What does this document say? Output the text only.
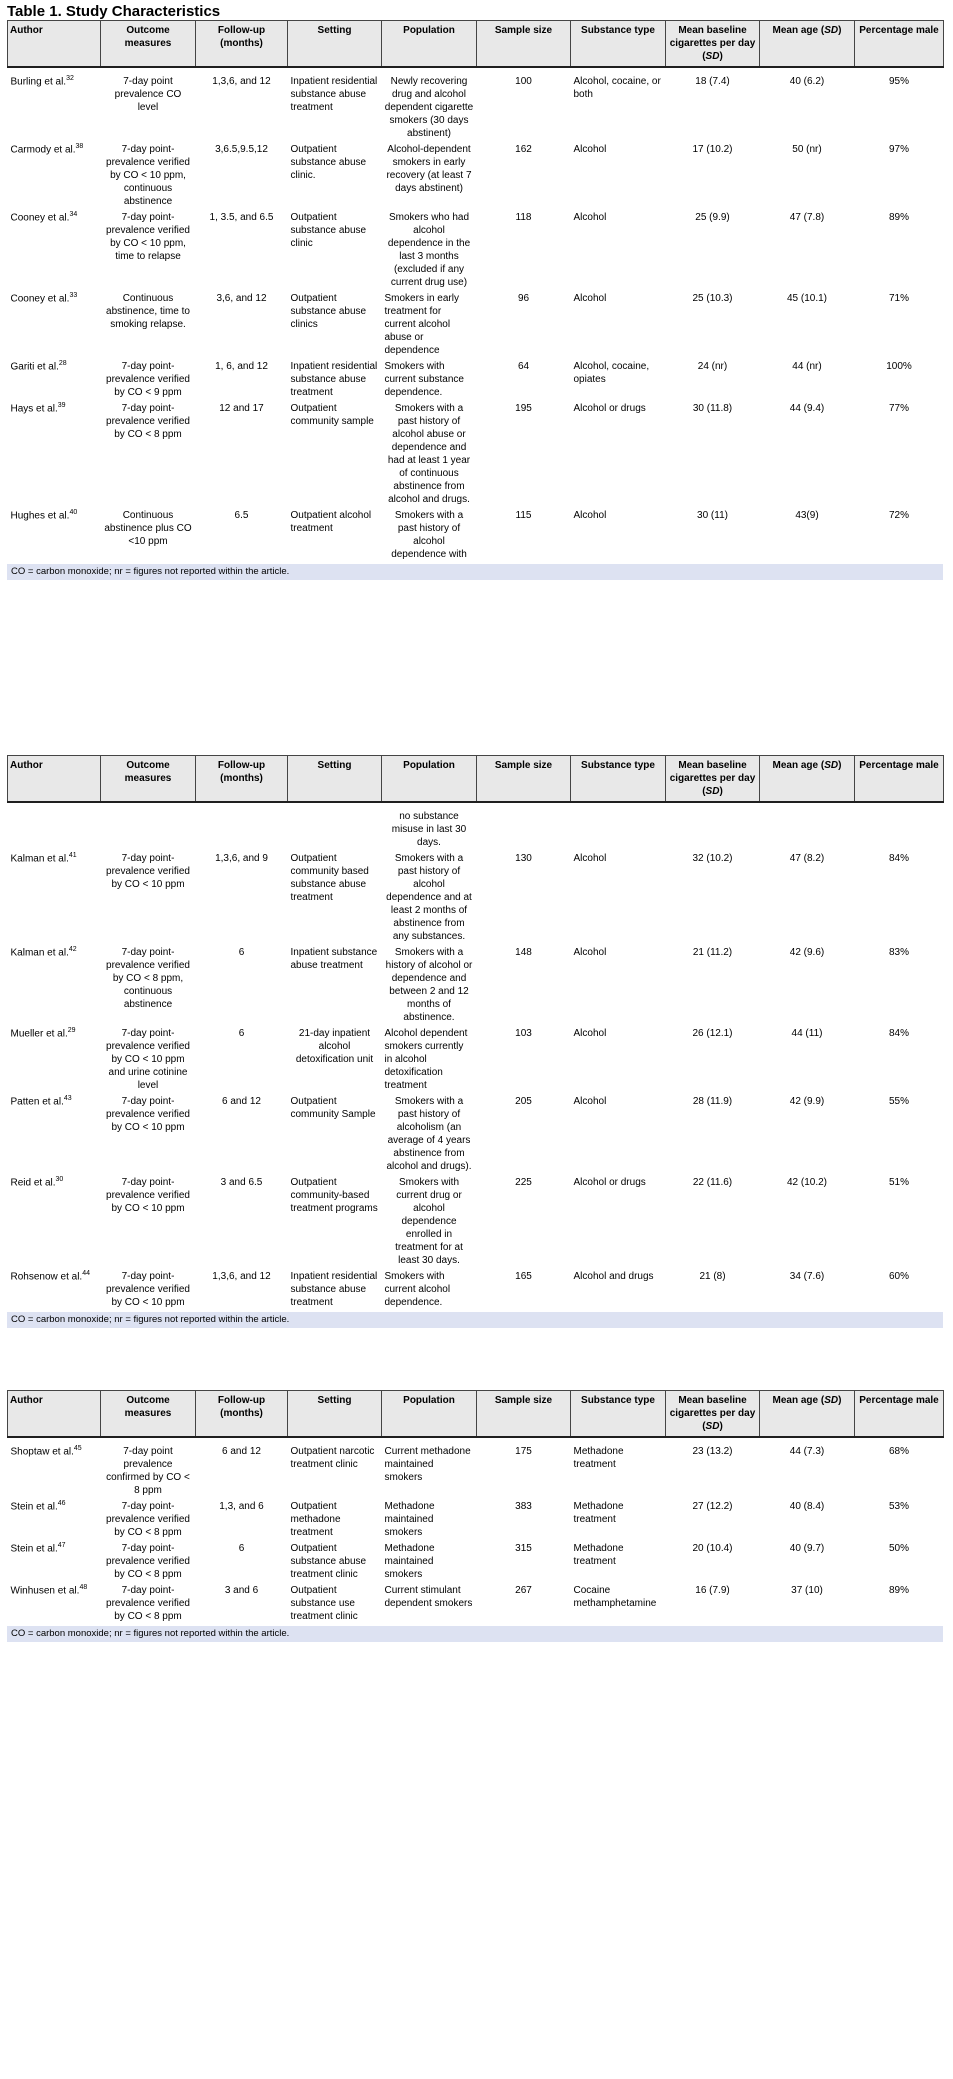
Table 1. Study Characteristics
Author	Outcome measures	Follow-up (months)	Setting	Population	Sample size	Substance type	Mean baseline cigarettes per day (SD)	Mean age (SD)	Percentage male
Burling et al.$^{32}$	7-day point prevalence CO level	1,3,6, and 12	Inpatient residential substance abuse treatment	Newly recovering drug and alcohol dependent cigarette smokers (30 days abstinent)	100	Alcohol, cocaine, or both	18 (7.4)	40 (6.2)	95%
Carmody et al.$^{38}$	7-day point-prevalence verified by CO < 10 ppm, continuous abstinence	3,6.5,9.5,12	Outpatient substance abuse clinic.	Alcohol-dependent smokers in early recovery (at least 7 days abstinent)	162	Alcohol	17 (10.2)	50 (nr)	97%
Cooney et al.$^{34}$	7-day point-prevalence verified by CO < 10 ppm, time to relapse	1, 3.5, and 6.5	Outpatient substance abuse clinic	Smokers who had alcohol dependence in the last 3 months (excluded if any current drug use)	118	Alcohol	25 (9.9)	47 (7.8)	89%
Cooney et al.$^{33}$	Continuous abstinence, time to smoking relapse.	3,6, and 12	Outpatient substance abuse clinics	Smokers in early treatment for current alcohol abuse or dependence	96	Alcohol	25 (10.3)	45 (10.1)	71%
Gariti et al.$^{28}$	7-day point-prevalence verified by CO < 9 ppm	1, 6, and 12	Inpatient residential substance abuse treatment	Smokers with current substance dependence.	64	Alcohol, cocaine, opiates	24 (nr)	44 (nr)	100%
Hays et al.$^{39}$	7-day point-prevalence verified by CO < 8 ppm	12 and 17	Outpatient community sample	Smokers with a past history of alcohol abuse or dependence and had at least 1 year of continuous abstinence from alcohol and drugs.	195	Alcohol or drugs	30 (11.8)	44 (9.4)	77%
Hughes et al.$^{40}$	Continuous abstinence plus CO <10 ppm	6.5	Outpatient alcohol treatment	Smokers with a past history of alcohol dependence with	115	Alcohol	30 (11)	43(9)	72%
CO = carbon monoxide; nr = figures not reported within the article.
Author	Outcome measures	Follow-up (months)	Setting	Population	Sample size	Substance type	Mean baseline cigarettes per day (SD)	Mean age (SD)	Percentage male
				no substance misuse in last 30 days.					
Kalman et al.$^{41}$	7-day point-prevalence verified by CO < 10 ppm	1,3,6, and 9	Outpatient community based substance abuse treatment	Smokers with a past history of alcohol dependence and at least 2 months of abstinence from any substances.	130	Alcohol	32 (10.2)	47 (8.2)	84%
Kalman et al.$^{42}$	7-day point-prevalence verified by CO < 8 ppm, continuous abstinence	6	Inpatient substance abuse treatment	Smokers with a history of alcohol or dependence and between 2 and 12 months of abstinence.	148	Alcohol	21 (11.2)	42 (9.6)	83%
Mueller et al.$^{29}$	7-day point-prevalence verified by CO < 10 ppm and urine cotinine level	6	21-day inpatient alcohol detoxification unit	Alcohol dependent smokers currently in alcohol detoxification treatment	103	Alcohol	26 (12.1)	44 (11)	84%
Patten et al.$^{43}$	7-day point-prevalence verified by CO < 10 ppm	6 and 12	Outpatient community Sample	Smokers with a past history of alcoholism (an average of 4 years abstinence from alcohol and drugs).	205	Alcohol	28 (11.9)	42 (9.9)	55%
Reid et al.$^{30}$	7-day point-prevalence verified by CO < 10 ppm	3 and 6.5	Outpatient community-based treatment programs	Smokers with current drug or alcohol dependence enrolled in treatment for at least 30 days.	225	Alcohol or drugs	22 (11.6)	42 (10.2)	51%
Rohsenow et al.$^{44}$	7-day point-prevalence verified by CO < 10 ppm	1,3,6, and 12	Inpatient residential substance abuse treatment	Smokers with current alcohol dependence.	165	Alcohol and drugs	21 (8)	34 (7.6)	60%
CO = carbon monoxide; nr = figures not reported within the article.
Author	Outcome measures	Follow-up (months)	Setting	Population	Sample size	Substance type	Mean baseline cigarettes per day (SD)	Mean age (SD)	Percentage male
Shoptaw et al.$^{45}$	7-day point prevalence confirmed by CO < 8 ppm	6 and 12	Outpatient narcotic treatment clinic	Current methadone maintained smokers	175	Methadone treatment	23 (13.2)	44 (7.3)	68%
Stein et al.$^{46}$	7-day point-prevalence verified by CO < 8 ppm	1,3, and 6	Outpatient methadone treatment	Methadone maintained smokers	383	Methadone treatment	27 (12.2)	40 (8.4)	53%
Stein et al.$^{47}$	7-day point-prevalence verified by CO < 8 ppm	6	Outpatient substance abuse treatment clinic	Methadone maintained smokers	315	Methadone treatment	20 (10.4)	40 (9.7)	50%
Winhusen et al.$^{48}$	7-day point-prevalence verified by CO < 8 ppm	3 and 6	Outpatient substance use treatment clinic	Current stimulant dependent smokers	267	Cocaine methamphetamine	16 (7.9)	37 (10)	89%
CO = carbon monoxide; nr = figures not reported within the article.
